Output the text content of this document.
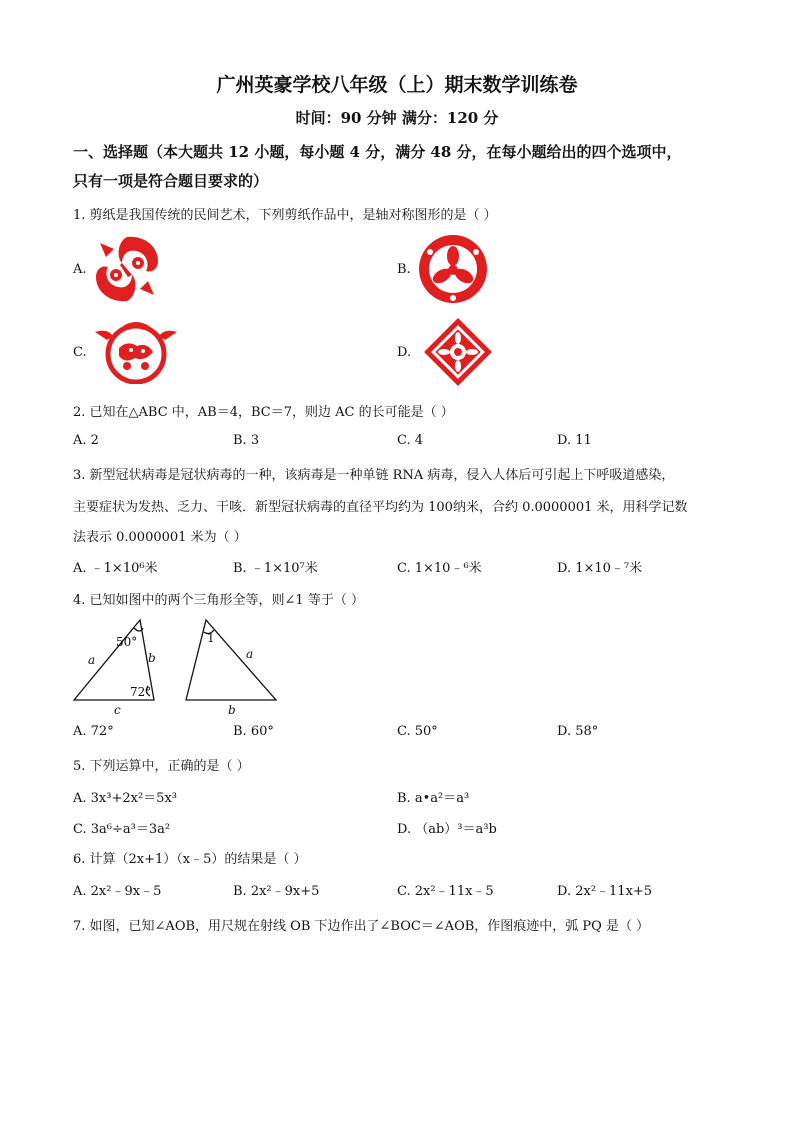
广州英豪学校八年级（上）期末数学训练卷
时间：90 分钟 满分：120 分
一、选择题（本大题共 12 小题，每小题 4 分，满分 48 分，在每小题给出的四个选项中，
只有一项是符合题目要求的）
1. 剪纸是我国传统的民间艺术，下列剪纸作品中，是轴对称图形的是（ ）
A.	B.
C.	D.
2. 已知在△ABC 中，AB＝4，BC＝7，则边 AC 的长可能是（ ）
A. 2	B. 3	C. 4	D. 11
3. 新型冠状病毒是冠状病毒的一种，该病毒是一种单链 RNA 病毒，侵入人体后可引起上下呼吸道感染，
主要症状为发热、乏力、干咳．新型冠状病毒的直径平均约为 100纳米，合约 0.0000001 米，用科学记数
法表示 0.0000001 米为（ ）
A. ﹣1×10⁶米	B. ﹣1×10⁷米	C. 1×10﹣⁶米	D. 1×10﹣⁷米
4. 已知如图中的两个三角形全等，则∠1 等于（ ）
50°
72°
a	b
c
1
a
b
A. 72°	B. 60°	C. 50°	D. 58°
5. 下列运算中，正确的是（ ）
A. 3x³+2x²＝5x³	B. a•a²＝a³
C. 3a⁶÷a³＝3a²	D. （ab）³＝a³b
6. 计算（2x+1）（x﹣5）的结果是（ ）
A. 2x²﹣9x﹣5	B. 2x²﹣9x+5	C. 2x²﹣11x﹣5	D. 2x²﹣11x+5
7. 如图，已知∠AOB，用尺规在射线 OB 下边作出了∠BOC＝∠AOB，作图痕迹中，弧 PQ 是（ ）
